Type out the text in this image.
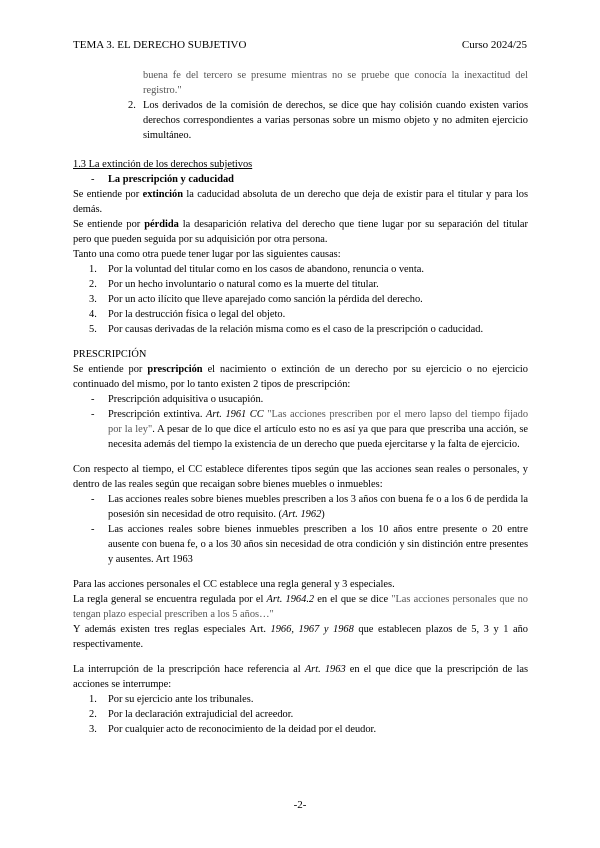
TEMA 3. EL DERECHO SUBJETIVO	Curso 2024/25

buena fe del tercero se presume mientras no se pruebe que conocía la inexactitud del registro."

2. Los derivados de la comisión de derechos, se dice que hay colisión cuando existen varios derechos correspondientes a varias personas sobre un mismo objeto y no admiten ejercicio simultáneo.

1.3 La extinción de los derechos subjetivos

- La prescripción y caducidad

Se entiende por extinción la caducidad absoluta de un derecho que deja de existir para el titular y para los demás.

Se entiende por pérdida la desaparición relativa del derecho que tiene lugar por su separación del titular pero que pueden seguida por su adquisición por otra persona.

Tanto una como otra puede tener lugar por las siguientes causas:

1. Por la voluntad del titular como en los casos de abandono, renuncia o venta.
2. Por un hecho involuntario o natural como es la muerte del titular.
3. Por un acto ilícito que lleve aparejado como sanción la pérdida del derecho.
4. Por la destrucción física o legal del objeto.
5. Por causas derivadas de la relación misma como es el caso de la prescripción o caducidad.

PRESCRIPCIÓN

Se entiende por prescripción el nacimiento o extinción de un derecho por su ejercicio o no ejercicio continuado del mismo, por lo tanto existen 2 tipos de prescripción:

- Prescripción adquisitiva o usucapión.
- Prescripción extintiva. Art. 1961 CC "Las acciones prescriben por el mero lapso del tiempo fijado por la ley". A pesar de lo que dice el artículo esto no es así ya que para que prescriba una acción, se necesita además del tiempo la existencia de un derecho que pueda ejercitarse y la falta de ejercicio.

Con respecto al tiempo, el CC establece diferentes tipos según que las acciones sean reales o personales, y dentro de las reales según que recaigan sobre bienes muebles o inmuebles:

- Las acciones reales sobre bienes muebles prescriben a los 3 años con buena fe o a los 6 de perdida la posesión sin necesidad de otro requisito. (Art. 1962)
- Las acciones reales sobre bienes inmuebles prescriben a los 10 años entre presente o 20 entre ausente con buena fe, o a los 30 años sin necesidad de otra condición y sin distinción entre presentes y ausentes. Art 1963

Para las acciones personales el CC establece una regla general y 3 especiales.

La regla general se encuentra regulada por el Art. 1964.2 en el que se dice "Las acciones personales que no tengan plazo especial prescriben a los 5 años…"

Y además existen tres reglas especiales Art. 1966, 1967 y 1968 que establecen plazos de 5, 3 y 1 año respectivamente.

La interrupción de la prescripción hace referencia al Art. 1963 en el que dice que la prescripción de las acciones se interrumpe:

1. Por su ejercicio ante los tribunales.
2. Por la declaración extrajudicial del acreedor.
3. Por cualquier acto de reconocimiento de la deidad por el deudor.
-2-
